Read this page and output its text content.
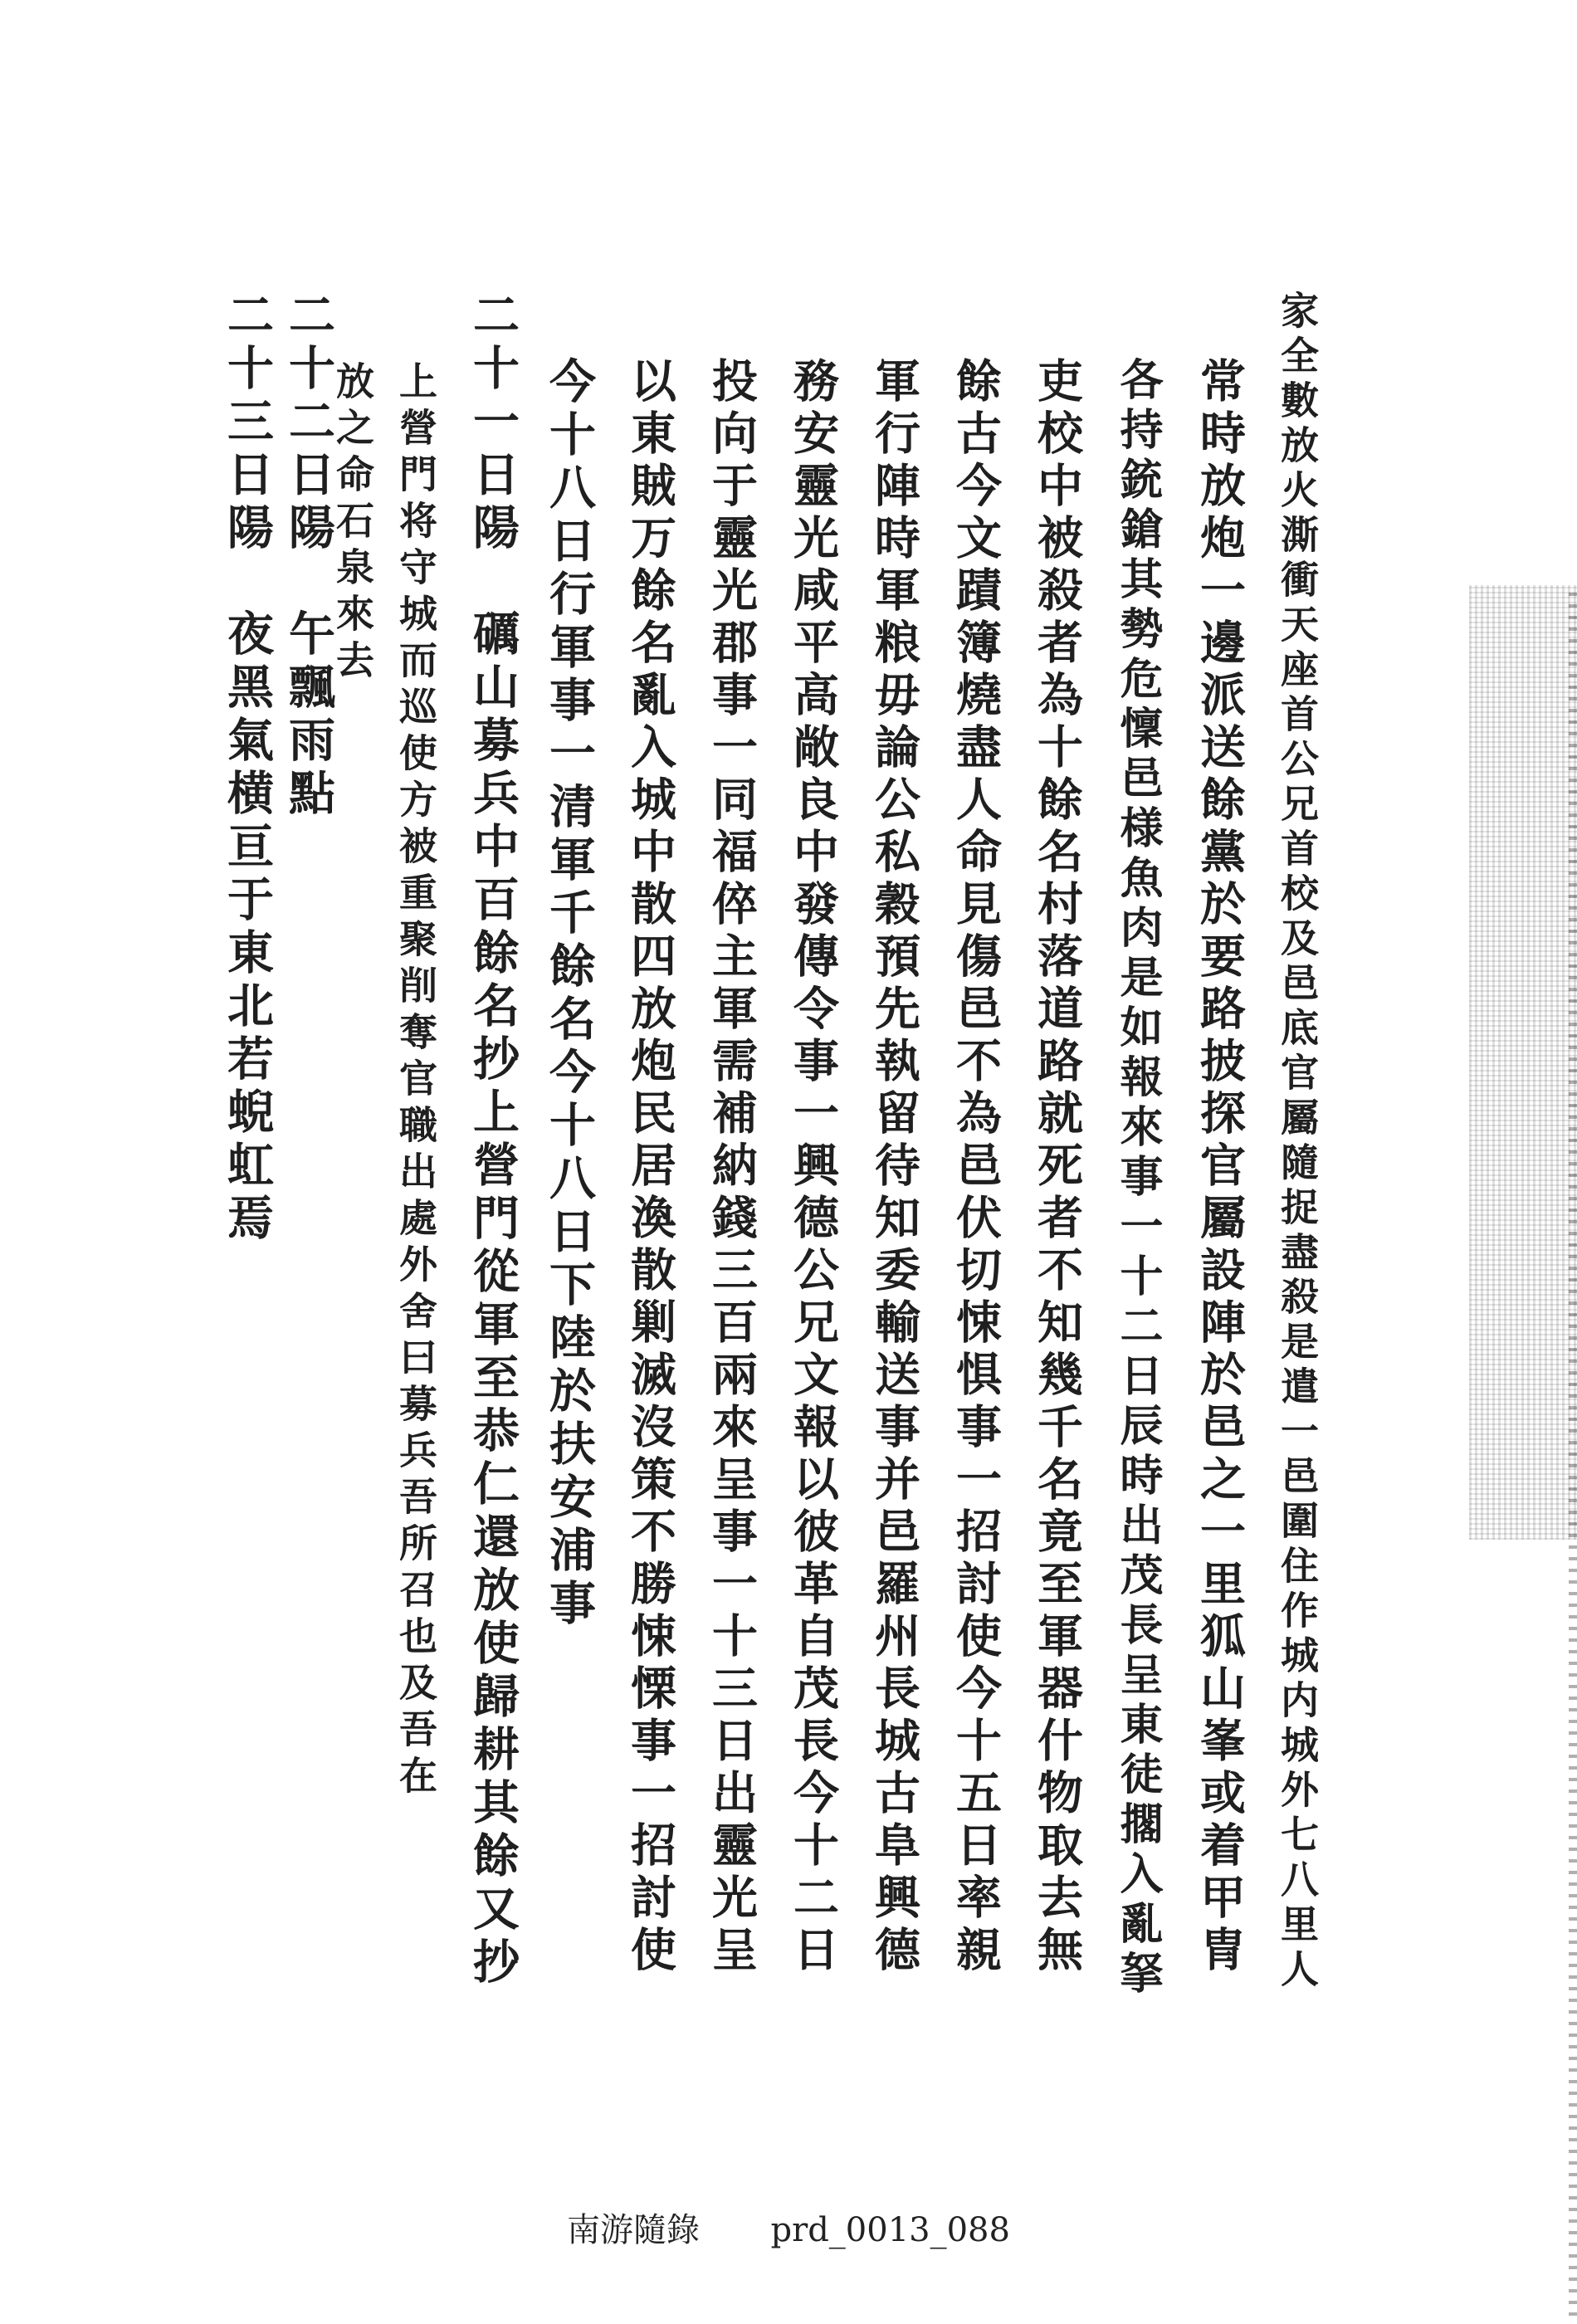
家全數放火澌衝天座首公兄首校及邑底官屬隨捉盡殺是遣一邑圍住作城内城外七八里人
常時放炮一邊派送餘黨於要路披探官屬設陣於邑之一里狐山峯或着甲冑
各持銃鎗其勢危懍邑様魚肉是如報來事一十二日辰時出茂長呈東徒擱入亂拏
吏校中被殺者為十餘名村落道路就死者不知幾千名竟至軍器什物取去無
餘古今文蹟簿燒盡人命見傷邑不為邑伏切悚惧事一招討使今十五日率親
軍行陣時軍粮毋論公私穀預先執留待知委輸送事并邑羅州長城古阜興德
務安靈光咸平高敞良中發傳令事一興德公兄文報以彼革自茂長今十二日
投向于靈光郡事一同福倅主軍需補納錢三百兩來呈事一十三日出靈光呈
以東賊万餘名亂入城中散四放炮民居渙散剿滅沒策不勝悚慄事一招討使
今十八日行軍事一清軍千餘名今十八日下陸於扶安浦事
二十一日陽　礪山募兵中百餘名抄上營門從軍至恭仁還放使歸耕其餘又抄
上營門将守城而巡使方被重聚削奪官職出處外舍曰募兵吾所召也及吾在
放之命石泉來去
二十二日陽　午飄雨點
二十三日陽　夜黑氣横亘于東北若蜺虹焉
南游隨錄 prd_0013_088
